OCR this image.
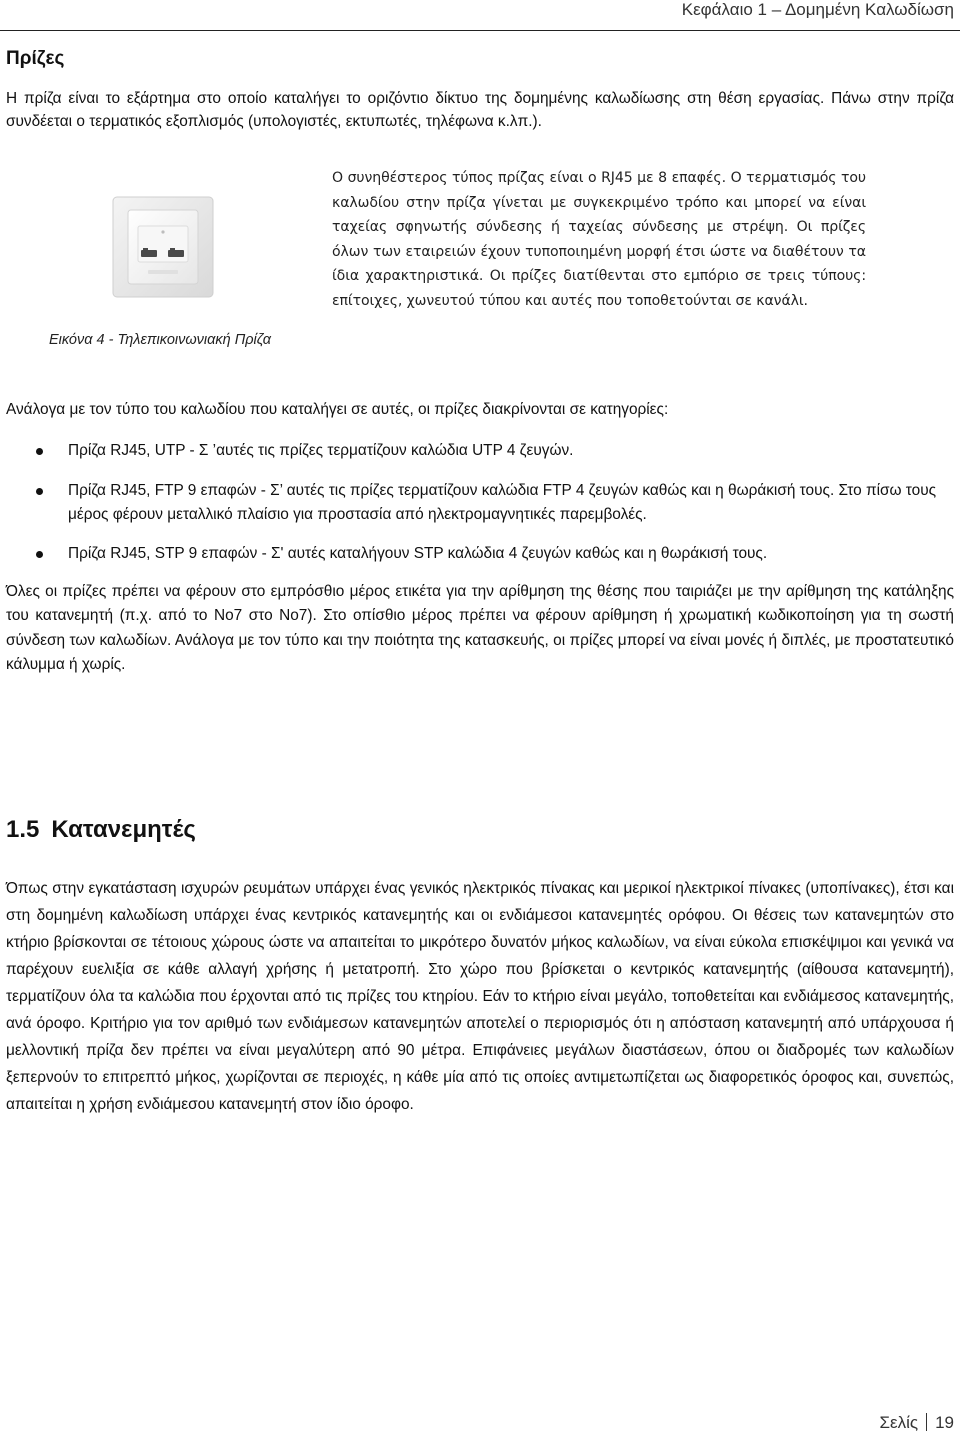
Κεφάλαιο 1 – Δομημένη Καλωδίωση
Πρίζες
Η πρίζα είναι το εξάρτημα στο οποίο καταλήγει το οριζόντιο δίκτυο της δομημένης καλωδίωσης στη θέση εργασίας. Πάνω στην πρίζα συνδέεται ο τερματικός εξοπλισμός (υπολογιστές, εκτυπωτές, τηλέφωνα κ.λπ.).
Εικόνα 4 - Τηλεπικοινωνιακή Πρίζα
Ο συνηθέστερος τύπος πρίζας είναι ο RJ45 με 8 επαφές. Ο τερματισμός του καλωδίου στην πρίζα γίνεται με συγκεκριμένο τρόπο και μπορεί να είναι ταχείας σφηνωτής σύνδεσης ή ταχείας σύνδεσης με στρέψη. Οι πρίζες όλων των εταιρειών έχουν τυποποιημένη μορφή έτσι ώστε να διαθέτουν τα ίδια χαρακτηριστικά. Οι πρίζες διατίθενται στο εμπόριο σε τρεις τύπους: επίτοιχες, χωνευτού τύπου και αυτές που τοποθετούνται σε κανάλι.
Ανάλογα με τον τύπο του καλωδίου που καταλήγει σε αυτές, οι πρίζες διακρίνονται σε κατηγορίες:
Πρίζα RJ45, UTP - Σ ’αυτές τις πρίζες τερματίζουν καλώδια UTP 4 ζευγών.
Πρίζα RJ45, FTP 9 επαφών - Σ’ αυτές τις πρίζες τερματίζουν καλώδια FTP 4 ζευγών καθώς και η θωράκισή τους. Στο πίσω τους μέρος φέρουν μεταλλικό πλαίσιο για προστασία από ηλεκτρομαγνητικές παρεμβολές.
Πρίζα RJ45, STP 9 επαφών - Σ' αυτές καταλήγουν STP καλώδια 4 ζευγών καθώς και η θωράκισή τους.
Όλες οι πρίζες πρέπει να φέρουν στο εμπρόσθιο μέρος ετικέτα για την αρίθμηση της θέσης που ταιριάζει με την αρίθμηση της κατάληξης του κατανεμητή (π.χ. από το No7 στο No7). Στο οπίσθιο μέρος πρέπει να φέρουν αρίθμηση ή χρωματική κωδικοποίηση για τη σωστή σύνδεση των καλωδίων. Ανάλογα με τον τύπο και την ποιότητα της κατασκευής, οι πρίζες μπορεί να είναι μονές ή διπλές, με προστατευτικό κάλυμμα ή χωρίς.
1.5 Κατανεμητές
Όπως στην εγκατάσταση ισχυρών ρευμάτων υπάρχει ένας γενικός ηλεκτρικός πίνακας και μερικοί ηλεκτρικοί πίνακες (υποπίνακες), έτσι και στη δομημένη καλωδίωση υπάρχει ένας κεντρικός κατανεμητής και οι ενδιάμεσοι κατανεμητές ορόφου. Οι θέσεις των κατανεμητών στο κτήριο βρίσκονται σε τέτοιους χώρους ώστε να απαιτείται το μικρότερο δυνατόν μήκος καλωδίων, να είναι εύκολα επισκέψιμοι και γενικά να παρέχουν ευελιξία σε κάθε αλλαγή χρήσης ή μετατροπή. Στο χώρο που βρίσκεται ο κεντρικός κατανεμητής (αίθουσα κατανεμητή), τερματίζουν όλα τα καλώδια που έρχονται από τις πρίζες του κτηρίου. Εάν το κτήριο είναι μεγάλο, τοποθετείται και ενδιάμεσος κατανεμητής, ανά όροφο. Κριτήριο για τον αριθμό των ενδιάμεσων κατανεμητών αποτελεί ο περιορισμός ότι η απόσταση κατανεμητή από υπάρχουσα ή μελλοντική πρίζα δεν πρέπει να είναι μεγαλύτερη από 90 μέτρα. Επιφάνειες μεγάλων διαστάσεων, όπου οι διαδρομές των καλωδίων ξεπερνούν το επιτρεπτό μήκος, χωρίζονται σε περιοχές, η κάθε μία από τις οποίες αντιμετωπίζεται ως διαφορετικός όροφος και, συνεπώς, απαιτείται η χρήση ενδιάμεσου κατανεμητή στον ίδιο όροφο.
Σελίς 19
